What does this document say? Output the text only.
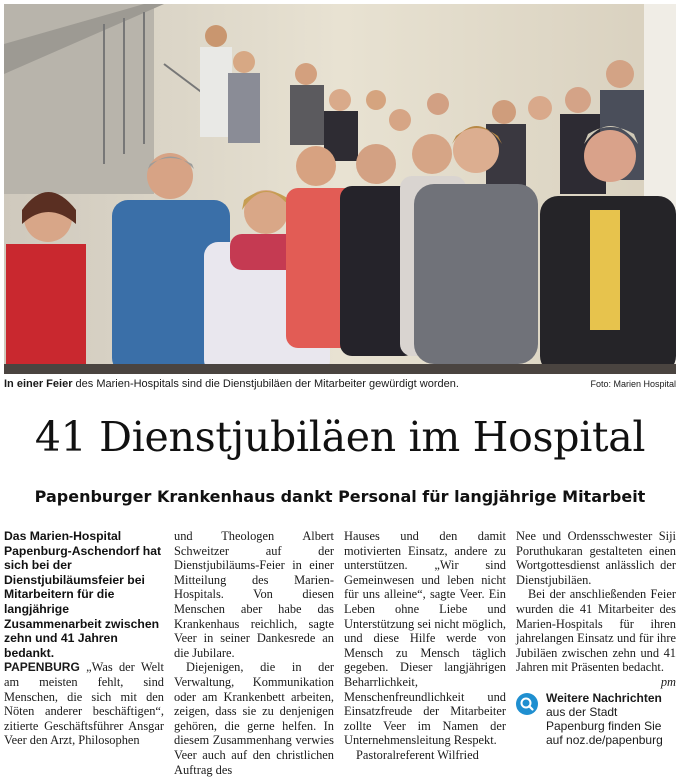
In einer Feier des Marien-Hospitals sind die Dienstjubiläen der Mitarbeiter gewürdigt worden.	Foto: Marien Hospital
41 Dienstjubiläen im Hospital
Papenburger Krankenhaus dankt Personal für langjährige Mitarbeit

Das Marien-Hospital Papenburg-Aschendorf hat sich bei der Dienstjubiläumsfeier bei Mitarbeitern für die langjährige Zusammenarbeit zwischen zehn und 41 Jahren bedankt.

PAPENBURG „Was der Welt am meisten fehlt, sind Menschen, die sich mit den Nöten anderer beschäftigen“, zitierte Geschäftsführer Ansgar Veer den Arzt, Philosophen

und Theologen Albert Schweitzer auf der Dienstjubiläums-Feier in einer Mitteilung des Marien-Hospitals. Von diesen Menschen aber habe das Krankenhaus reichlich, sagte Veer in seiner Dankesrede an die Jubilare.

Diejenigen, die in der Verwaltung, Kommunikation oder am Krankenbett arbeiten, zeigen, dass sie zu denjenigen gehören, die gerne helfen. In diesem Zusammenhang verwies Veer auch auf den christlichen Auftrag des

Hauses und den damit motivierten Einsatz, andere zu unterstützen. „Wir sind Gemeinwesen und leben nicht für uns alleine“, sagte Veer. Ein Leben ohne Liebe und Unterstützung sei nicht möglich, und diese Hilfe werde von Mensch zu Mensch täglich gegeben. Dieser langjährigen Beharrlichkeit, Menschenfreundlichkeit und Einsatzfreude der Mitarbeiter zollte Veer im Namen der Unternehmensleitung Respekt.

Pastoralreferent Wilfried

Nee und Ordensschwester Siji Poruthukaran gestalteten einen Wortgottesdienst anlässlich der Dienstjubiläen.

Bei der anschließenden Feier wurden die 41 Mitarbeiter des Marien-Hospitals für ihren jahrelangen Einsatz und für ihre Jubiläen zwischen zehn und 41 Jahren mit Präsenten bedacht.

pm

Weitere Nachrichten
aus der Stadt Papenburg finden Sie auf noz.de/papenburg
